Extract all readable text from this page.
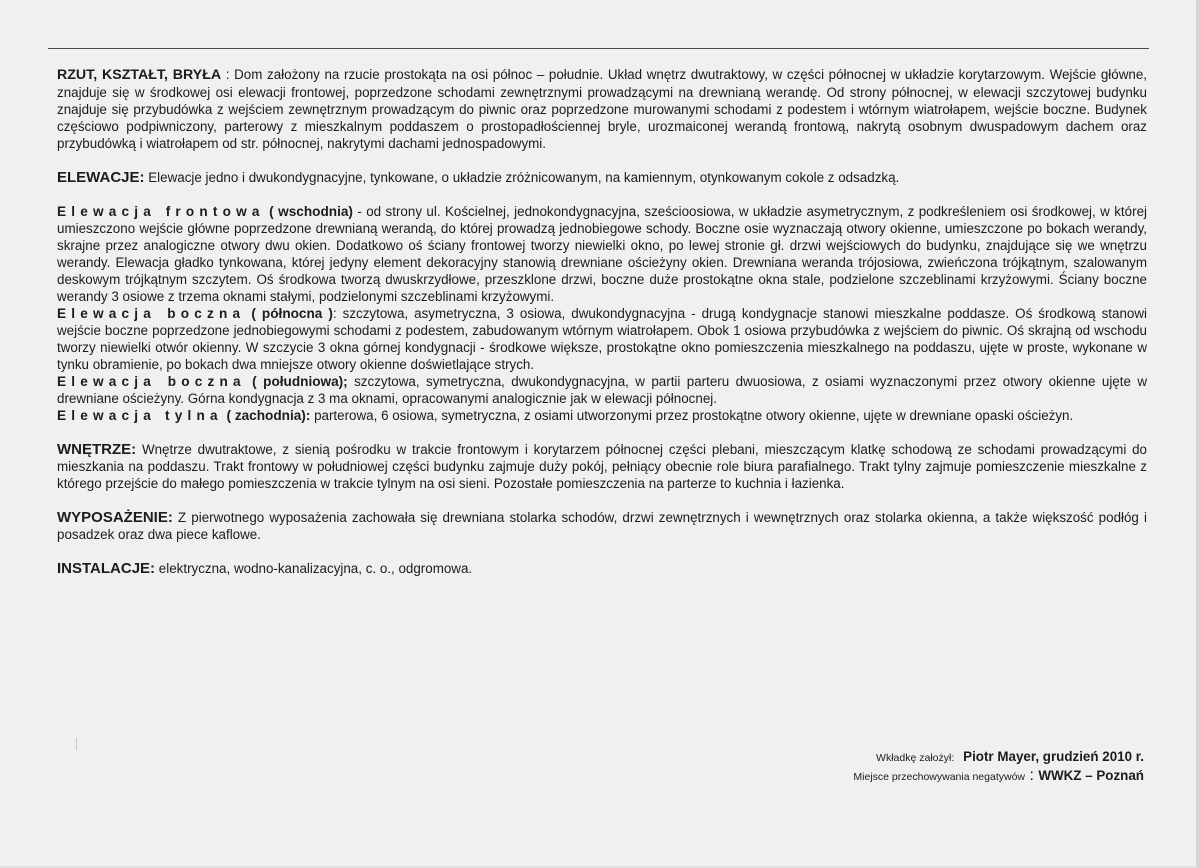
RZUT, KSZTAŁT, BRYŁA : Dom założony na rzucie prostokąta na osi północ – południe. Układ wnętrz dwutraktowy, w części północnej w układzie korytarzowym. Wejście główne, znajduje się w środkowej osi elewacji frontowej, poprzedzone schodami zewnętrznymi prowadzącymi na drewnianą werandę. Od strony północnej, w elewacji szczytowej budynku znajduje się przybudówka z wejściem zewnętrznym prowadzącym do piwnic oraz poprzedzone murowanymi schodami z podestem i wtórnym wiatrołapem, wejście boczne. Budynek częściowo podpiwniczony, parterowy z mieszkalnym poddaszem o prostopadłościennej bryle, urozmaiconej werandą frontową, nakrytą osobnym dwuspadowym dachem oraz przybudówką i wiatrołapem od str. północnej, nakrytymi dachami jednospadowymi.

ELEWACJE: Elewacje jedno i dwukondygnacyjne, tynkowane, o układzie zróżnicowanym, na kamiennym, otynkowanym cokole z odsadzką.

Elewacja frontowa ( wschodnia) - od strony ul. Kościelnej, jednokondygnacyjna, sześcioosiowa, w układzie asymetrycznym, z podkreśleniem osi środkowej, w której umieszczono wejście główne poprzedzone drewnianą werandą, do której prowadzą jednobiegowe schody. Boczne osie wyznaczają otwory okienne, umieszczone po bokach werandy, skrajne przez analogiczne otwory dwu okien. Dodatkowo oś ściany frontowej tworzy niewielki okno, po lewej stronie gł. drzwi wejściowych do budynku, znajdujące się we wnętrzu werandy. Elewacja gładko tynkowana, której jedyny element dekoracyjny stanowią drewniane ościeżyny okien. Drewniana weranda trójosiowa, zwieńczona trójkątnym, szalowanym deskowym trójkątnym szczytem. Oś środkowa tworzą dwuskrzydłowe, przeszklone drzwi, boczne duże prostokątne okna stale, podzielone szczeblinami krzyżowymi. Ściany boczne werandy 3 osiowe z trzema oknami stałymi, podzielonymi szczeblinami krzyżowymi.

Elewacja boczna ( północna ): szczytowa, asymetryczna, 3 osiowa, dwukondygnacyjna - drugą kondygnacje stanowi mieszkalne poddasze. Oś środkową stanowi wejście boczne poprzedzone jednobiegowymi schodami z podestem, zabudowanym wtórnym wiatrołapem. Obok 1 osiowa przybudówka z wejściem do piwnic. Oś skrajną od wschodu tworzy niewielki otwór okienny. W szczycie 3 okna górnej kondygnacji - środkowe większe, prostokątne okno pomieszczenia mieszkalnego na poddaszu, ujęte w proste, wykonane w tynku obramienie, po bokach dwa mniejsze otwory okienne doświetlające strych.

Elewacja boczna ( południowa); szczytowa, symetryczna, dwukondygnacyjna, w partii parteru dwuosiowa, z osiami wyznaczonymi przez otwory okienne ujęte w drewniane ościeżyny. Górna kondygnacja z 3 ma oknami, opracowanymi analogicznie jak w elewacji północnej.

Elewacja tylna ( zachodnia): parterowa, 6 osiowa, symetryczna, z osiami utworzonymi przez prostokątne otwory okienne, ujęte w drewniane opaski ościeżyn.

WNĘTRZE: Wnętrze dwutraktowe, z sienią pośrodku w trakcie frontowym i korytarzem północnej części plebani, mieszczącym klatkę schodową ze schodami prowadzącymi do mieszkania na poddaszu. Trakt frontowy w południowej części budynku zajmuje duży pokój, pełniący obecnie role biura parafialnego. Trakt tylny zajmuje pomieszczenie mieszkalne z którego przejście do małego pomieszczenia w trakcie tylnym na osi sieni. Pozostałe pomieszczenia na parterze to kuchnia i łazienka.

WYPOSAŻENIE: Z pierwotnego wyposażenia zachowała się drewniana stolarka schodów, drzwi zewnętrznych i wewnętrznych oraz stolarka okienna, a także większość podłóg i posadzek oraz dwa piece kaflowe.

INSTALACJE: elektryczna, wodno-kanalizacyjna, c. o., odgromowa.

Wkładkę założył: Piotr Mayer, grudzień 2010 r.
Miejsce przechowywania negatywów : WWKZ – Poznań
